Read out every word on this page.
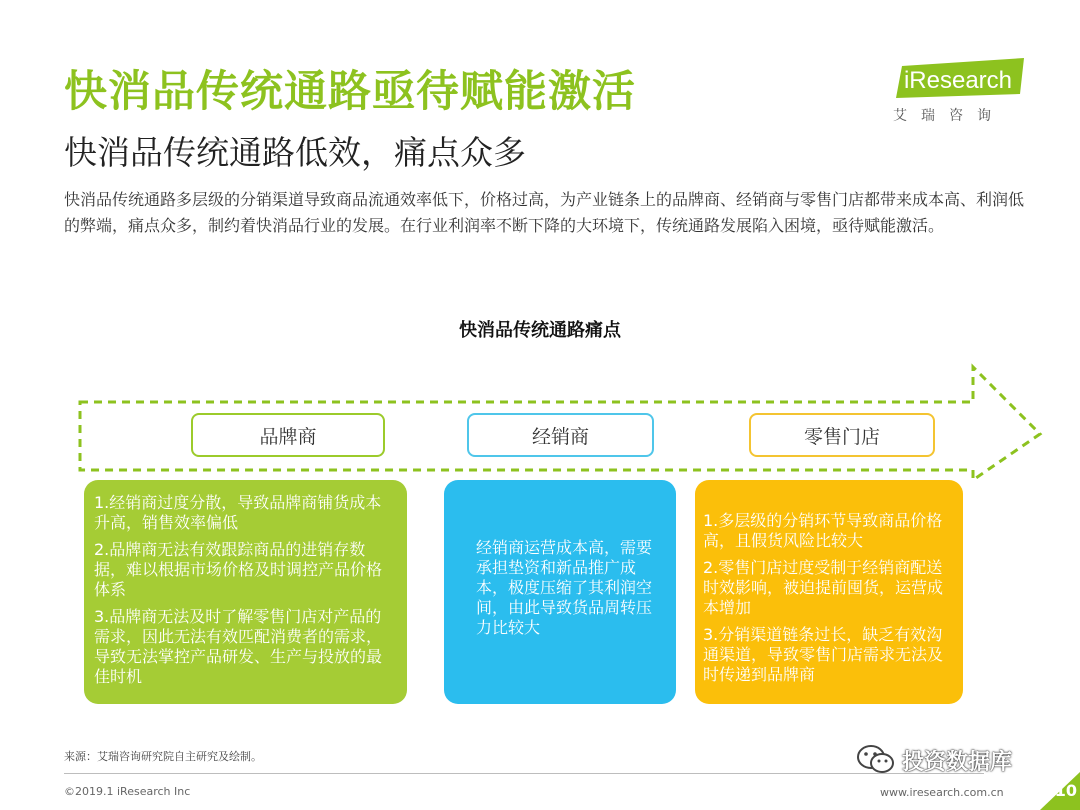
快消品传统通路亟待赋能激活
快消品传统通路低效，痛点众多
快消品传统通路多层级的分销渠道导致商品流通效率低下，价格过高，为产业链条上的品牌商、经销商与零售门店都带来成本高、利润低的弊端，痛点众多，制约着快消品行业的发展。在行业利润率不断下降的大环境下，传统通路发展陷入困境，亟待赋能激活。
iResearch
艾瑞咨询
快消品传统通路痛点
品牌商	经销商	零售门店

1.经销商过度分散，导致品牌商铺货成本升高，销售效率偏低

2.品牌商无法有效跟踪商品的进销存数据，难以根据市场价格及时调控产品价格体系

3.品牌商无法及时了解零售门店对产品的需求，因此无法有效匹配消费者的需求，导致无法掌控产品研发、生产与投放的最佳时机

经销商运营成本高，需要承担垫资和新品推广成本，极度压缩了其利润空间，由此导致货品周转压力比较大

1.多层级的分销环节导致商品价格高，且假货风险比较大

2.零售门店过度受制于经销商配送时效影响，被迫提前囤货，运营成本增加

3.分销渠道链条过长，缺乏有效沟通渠道，导致零售门店需求无法及时传递到品牌商

来源：艾瑞咨询研究院自主研究及绘制。
©2019.1 iResearch Inc	www.iresearch.com.cn
投资数据库
10
